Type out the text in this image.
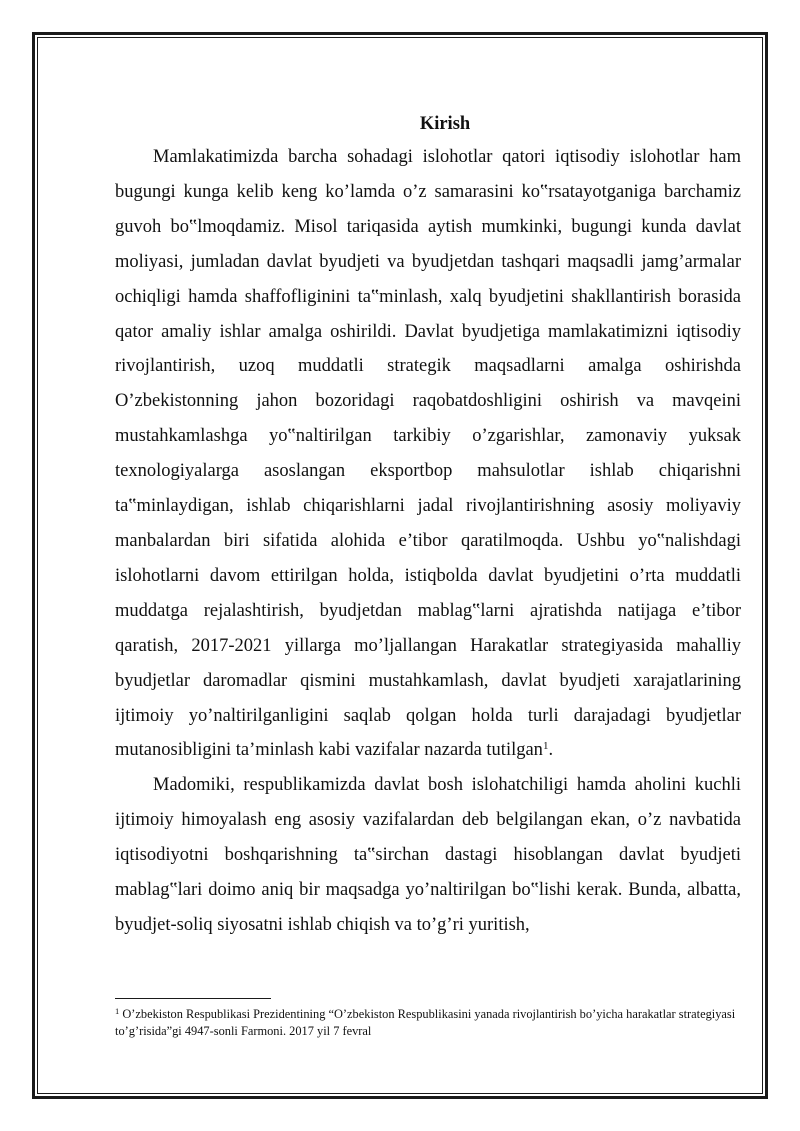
Kirish

Mamlakatimizda barcha sohadagi islohotlar qatori iqtisodiy islohotlar ham bugungi kunga kelib keng ko’lamda o’z samarasini ko‟rsatayotganiga barchamiz guvoh bo‟lmoqdamiz. Misol tariqasida aytish mumkinki, bugungi kunda davlat moliyasi, jumladan davlat byudjeti va byudjetdan tashqari maqsadli jamg’armalar ochiqligi hamda shaffofliginini ta‟minlash, xalq byudjetini shakllantirish borasida qator amaliy ishlar amalga oshirildi. Davlat byudjetiga mamlakatimizni iqtisodiy rivojlantirish, uzoq muddatli strategik maqsadlarni amalga oshirishda O’zbekistonning jahon bozoridagi raqobatdoshligini oshirish va mavqeini mustahkamlashga yo‟naltirilgan tarkibiy o’zgarishlar, zamonaviy yuksak texnologiyalarga asoslangan eksportbop mahsulotlar ishlab chiqarishni ta‟minlaydigan, ishlab chiqarishlarni jadal rivojlantirishning asosiy moliyaviy manbalardan biri sifatida alohida e’tibor qaratilmoqda. Ushbu yo‟nalishdagi islohotlarni davom ettirilgan holda, istiqbolda davlat byudjetini o’rta muddatli muddatga rejalashtirish, byudjetdan mablag‟larni ajratishda natijaga e’tibor qaratish, 2017-2021 yillarga mo’ljallangan Harakatlar strategiyasida mahalliy byudjetlar daromadlar qismini mustahkamlash, davlat byudjeti xarajatlarining ijtimoiy yo’naltirilganligini saqlab qolgan holda turli darajadagi byudjetlar mutanosibligini ta’minlash kabi vazifalar nazarda tutilgan$^1$.

Madomiki, respublikamizda davlat bosh islohatchiligi hamda aholini kuchli ijtimoiy himoyalash eng asosiy vazifalardan deb belgilangan ekan, o’z navbatida iqtisodiyotni boshqarishning ta‟sirchan dastagi hisoblangan davlat byudjeti mablag‟lari doimo aniq bir maqsadga yo’naltirilgan bo‟lishi kerak. Bunda, albatta, byudjet-soliq siyosatni ishlab chiqish va to’g’ri yuritish,

$^1$ O’zbekiston Respublikasi Prezidentining “O’zbekiston Respublikasini yanada rivojlantirish bo’yicha harakatlar strategiyasi to’g’risida”gi 4947-sonli Farmoni. 2017 yil 7 fevral
